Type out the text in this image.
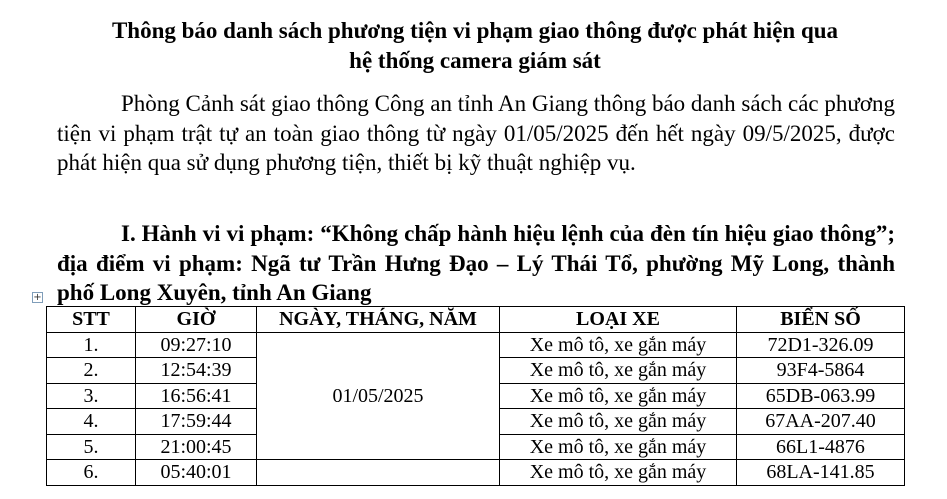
Thông báo danh sách phương tiện vi phạm giao thông được phát hiện qua
hệ thống camera giám sát
Phòng Cảnh sát giao thông Công an tỉnh An Giang thông báo danh sách các phương tiện vi phạm trật tự an toàn giao thông từ ngày 01/05/2025 đến hết ngày 09/5/2025, được phát hiện qua sử dụng phương tiện, thiết bị kỹ thuật nghiệp vụ.
I. Hành vi vi phạm: “Không chấp hành hiệu lệnh của đèn tín hiệu giao thông”; địa điểm vi phạm: Ngã tư Trần Hưng Đạo – Lý Thái Tổ, phường Mỹ Long, thành phố Long Xuyên, tỉnh An Giang
+
STT	GIỜ	NGÀY, THÁNG, NĂM	LOẠI XE	BIỂN SỐ
1.	09:27:10	01/05/2025	Xe mô tô, xe gắn máy	72D1-326.09
2.	12:54:39		Xe mô tô, xe gắn máy	93F4-5864
3.	16:56:41		Xe mô tô, xe gắn máy	65DB-063.99
4.	17:59:44		Xe mô tô, xe gắn máy	67AA-207.40
5.	21:00:45		Xe mô tô, xe gắn máy	66L1-4876
6.	05:40:01		Xe mô tô, xe gắn máy	68LA-141.85
